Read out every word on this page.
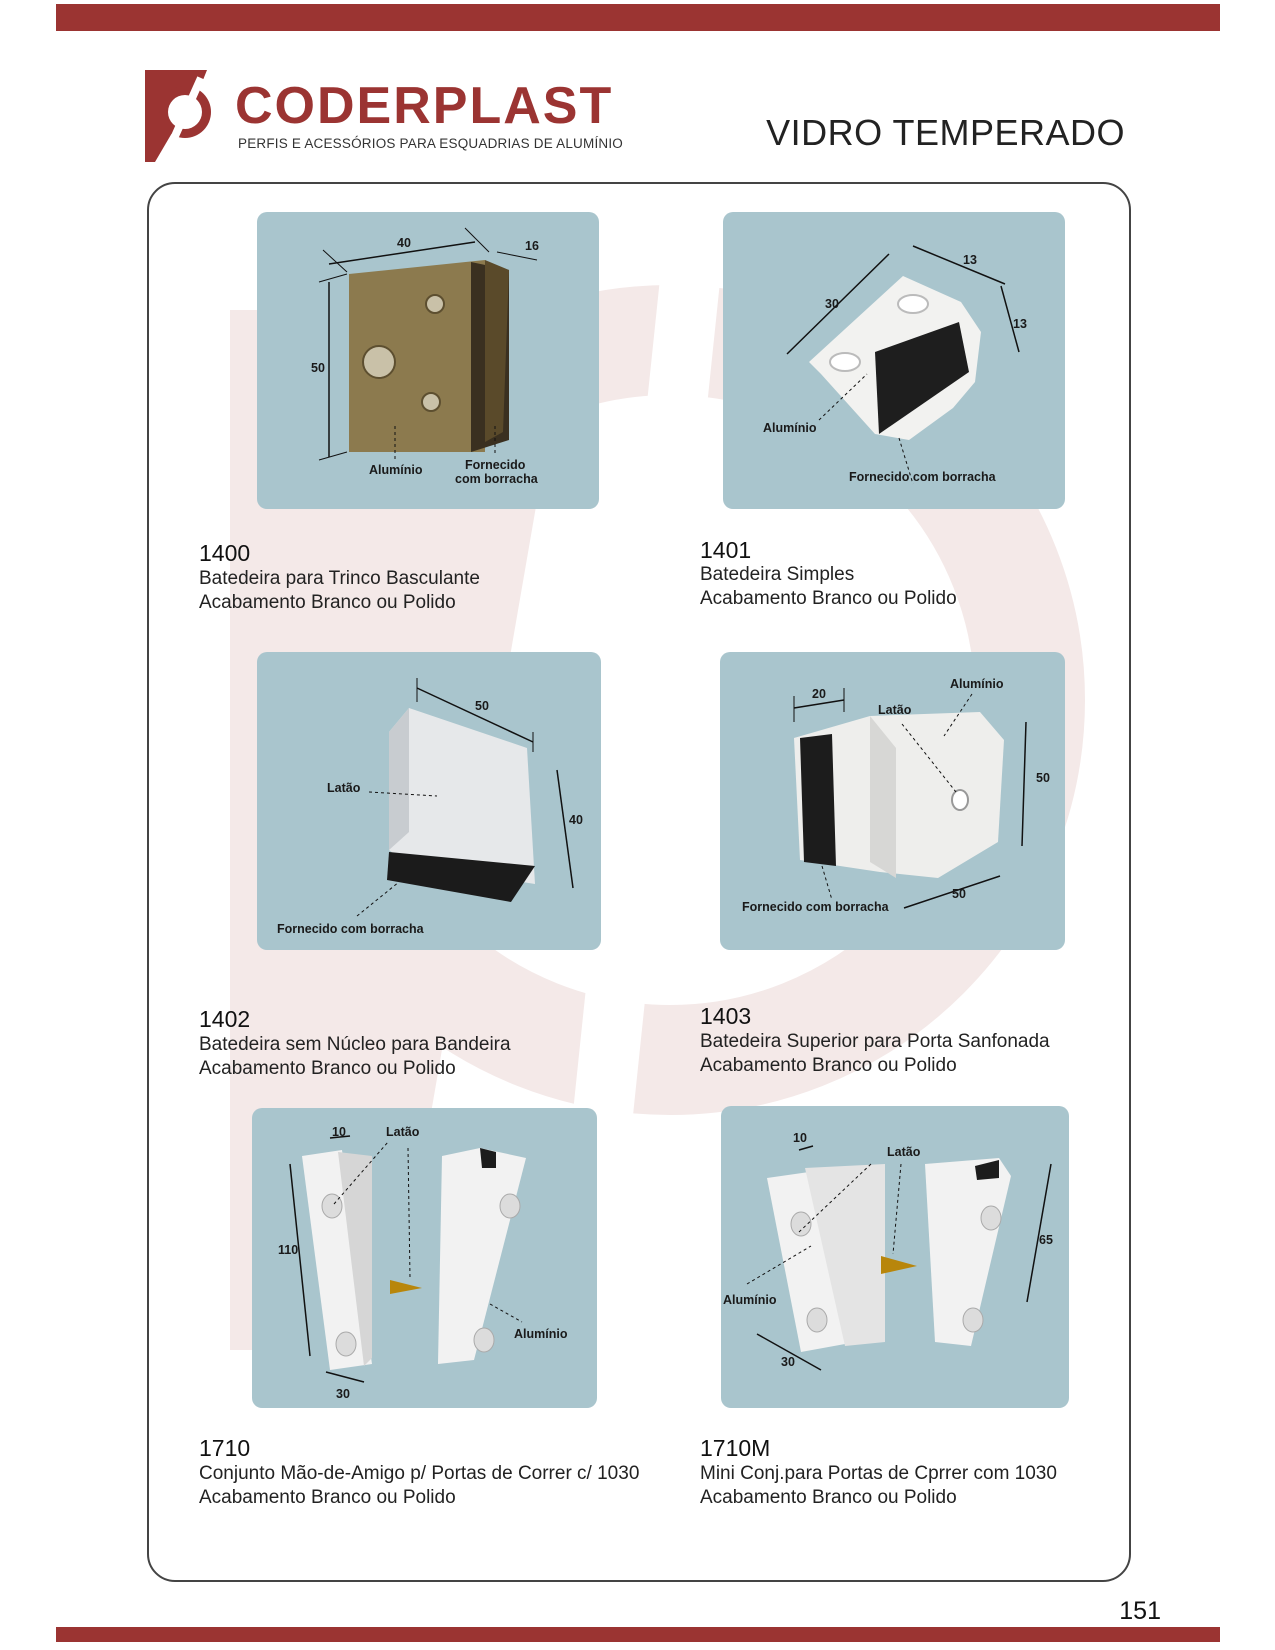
CODERPLAST
PERFIS E ACESSÓRIOS PARA ESQUADRIAS DE ALUMÍNIO	VIDRO TEMPERADO
40	16
50
Alumínio	Fornecido
com borracha
1400
Batedeira para Trinco Basculante
Acabamento Branco ou Polido
30
13
13
Alumínio
Fornecido com borracha
1401
Batedeira Simples
Acabamento Branco ou Polido
50
40
Latão
Fornecido com borracha
1402
Batedeira sem Núcleo para Bandeira
Acabamento Branco ou Polido
20
50
50
Alumínio
Latão
Fornecido com borracha
1403
Batedeira Superior para Porta Sanfonada
Acabamento Branco ou Polido
10
110
30
Latão
Alumínio
1710
Conjunto Mão-de-Amigo p/ Portas de Correr c/ 1030
Acabamento Branco ou Polido
10
65
30
Latão
Alumínio
1710M
Mini Conj.para Portas de Cprrer com 1030
Acabamento Branco ou Polido
151
